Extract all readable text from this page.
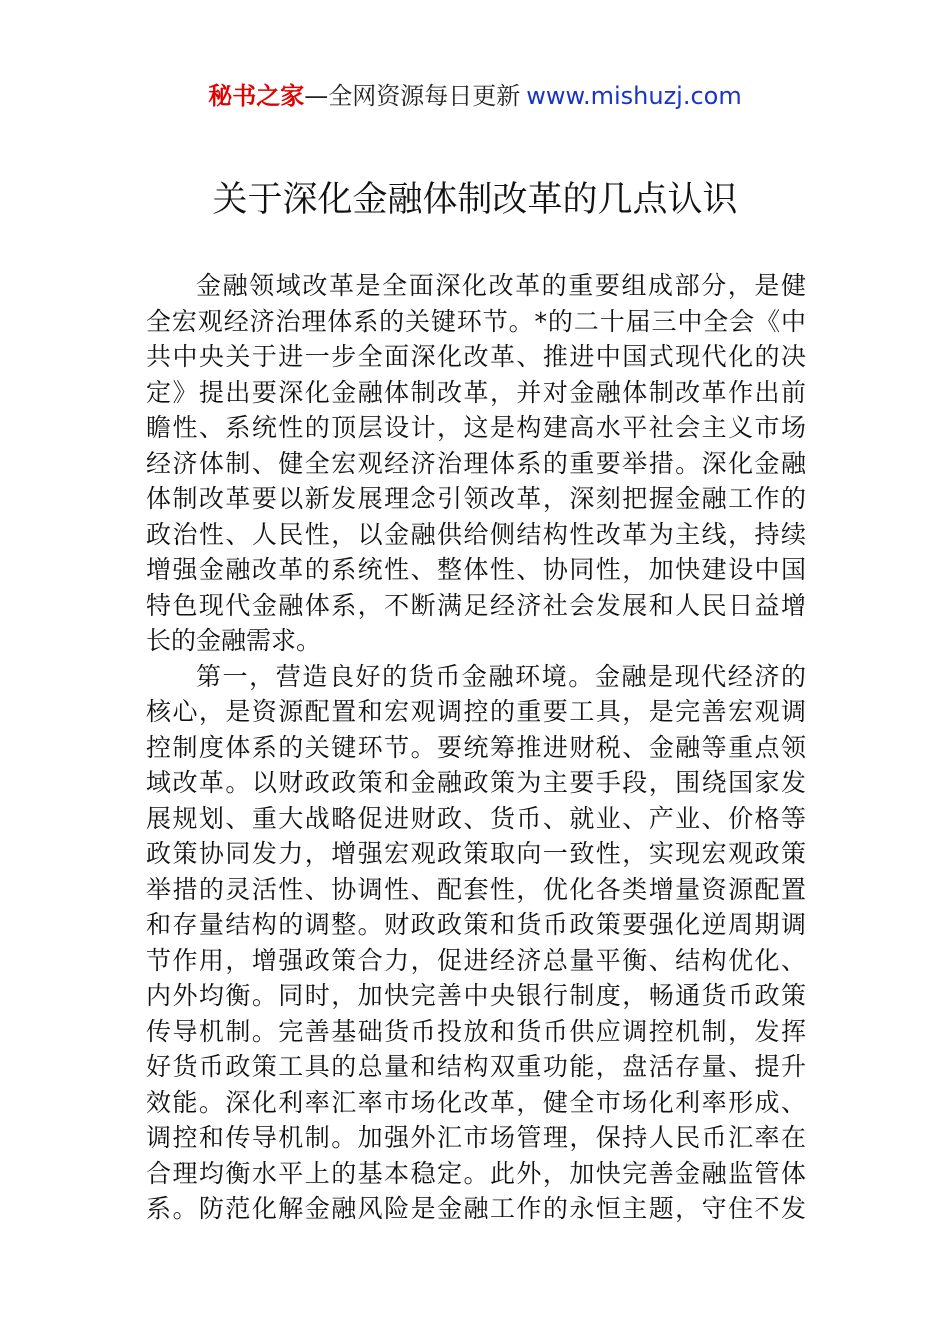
秘书之家—全网资源每日更新 www.mishuzj.com
关于深化金融体制改革的几点认识

金融领域改革是全面深化改革的重要组成部分，是健
全宏观经济治理体系的关键环节。*的二十届三中全会《中
共中央关于进一步全面深化改革、推进中国式现代化的决
定》提出要深化金融体制改革，并对金融体制改革作出前
瞻性、系统性的顶层设计，这是构建高水平社会主义市场
经济体制、健全宏观经济治理体系的重要举措。深化金融
体制改革要以新发展理念引领改革，深刻把握金融工作的
政治性、人民性，以金融供给侧结构性改革为主线，持续
增强金融改革的系统性、整体性、协同性，加快建设中国
特色现代金融体系，不断满足经济社会发展和人民日益增
长的金融需求。

第一，营造良好的货币金融环境。金融是现代经济的
核心，是资源配置和宏观调控的重要工具，是完善宏观调
控制度体系的关键环节。要统筹推进财税、金融等重点领
域改革。以财政政策和金融政策为主要手段，围绕国家发
展规划、重大战略促进财政、货币、就业、产业、价格等
政策协同发力，增强宏观政策取向一致性，实现宏观政策
举措的灵活性、协调性、配套性，优化各类增量资源配置
和存量结构的调整。财政政策和货币政策要强化逆周期调
节作用，增强政策合力，促进经济总量平衡、结构优化、
内外均衡。同时，加快完善中央银行制度，畅通货币政策
传导机制。完善基础货币投放和货币供应调控机制，发挥
好货币政策工具的总量和结构双重功能，盘活存量、提升
效能。深化利率汇率市场化改革，健全市场化利率形成、
调控和传导机制。加强外汇市场管理，保持人民币汇率在
合理均衡水平上的基本稳定。此外，加快完善金融监管体
系。防范化解金融风险是金融工作的永恒主题，守住不发
